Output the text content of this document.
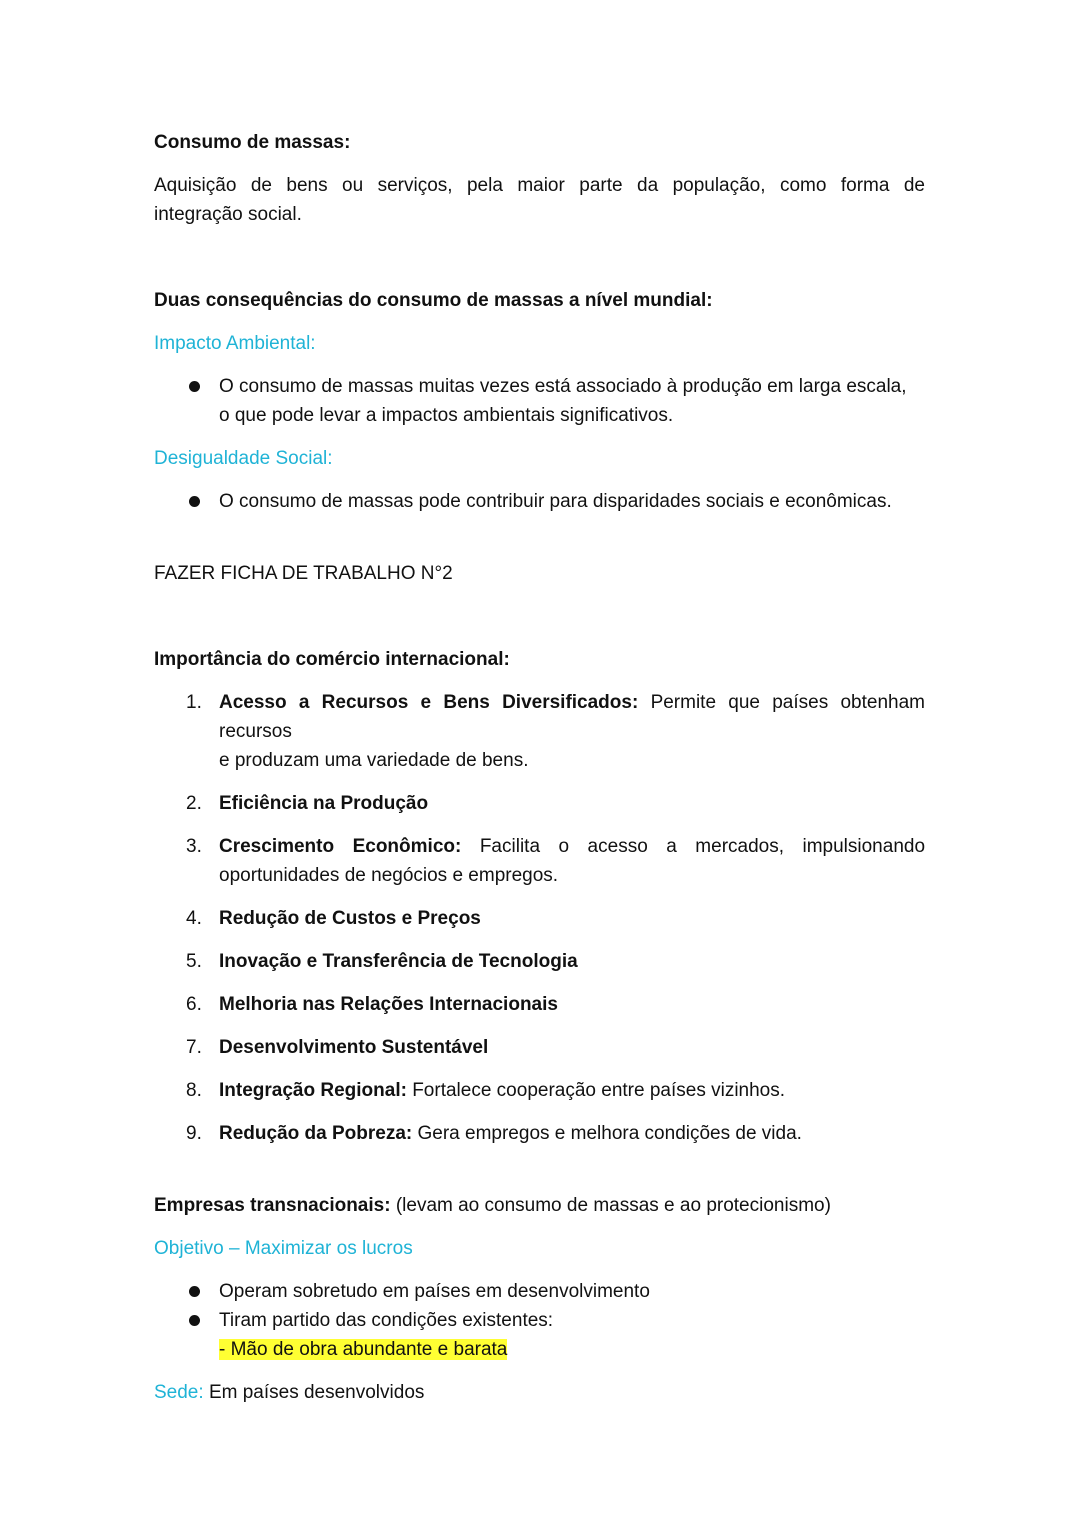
Consumo de massas:

Aquisição de bens ou serviços, pela maior parte da população, como forma de

integração social.

Duas consequências do consumo de massas a nível mundial:

Impacto Ambiental:

O consumo de massas muitas vezes está associado à produção em larga escala,
o que pode levar a impactos ambientais significativos.

Desigualdade Social:

O consumo de massas pode contribuir para disparidades sociais e econômicas.

FAZER FICHA DE TRABALHO N°2

Importância do comércio internacional:

1. Acesso a Recursos e Bens Diversificados: Permite que países obtenham recursos
e produzam uma variedade de bens.
2. Eficiência na Produção
3. Crescimento Econômico: Facilita o acesso a mercados, impulsionando
oportunidades de negócios e empregos.
4. Redução de Custos e Preços
5. Inovação e Transferência de Tecnologia
6. Melhoria nas Relações Internacionais
7. Desenvolvimento Sustentável
8. Integração Regional: Fortalece cooperação entre países vizinhos.
9. Redução da Pobreza: Gera empregos e melhora condições de vida.

Empresas transnacionais: (levam ao consumo de massas e ao protecionismo)

Objetivo – Maximizar os lucros

Operam sobretudo em países em desenvolvimento
Tiram partido das condições existentes:
- Mão de obra abundante e barata

Sede: Em países desenvolvidos
